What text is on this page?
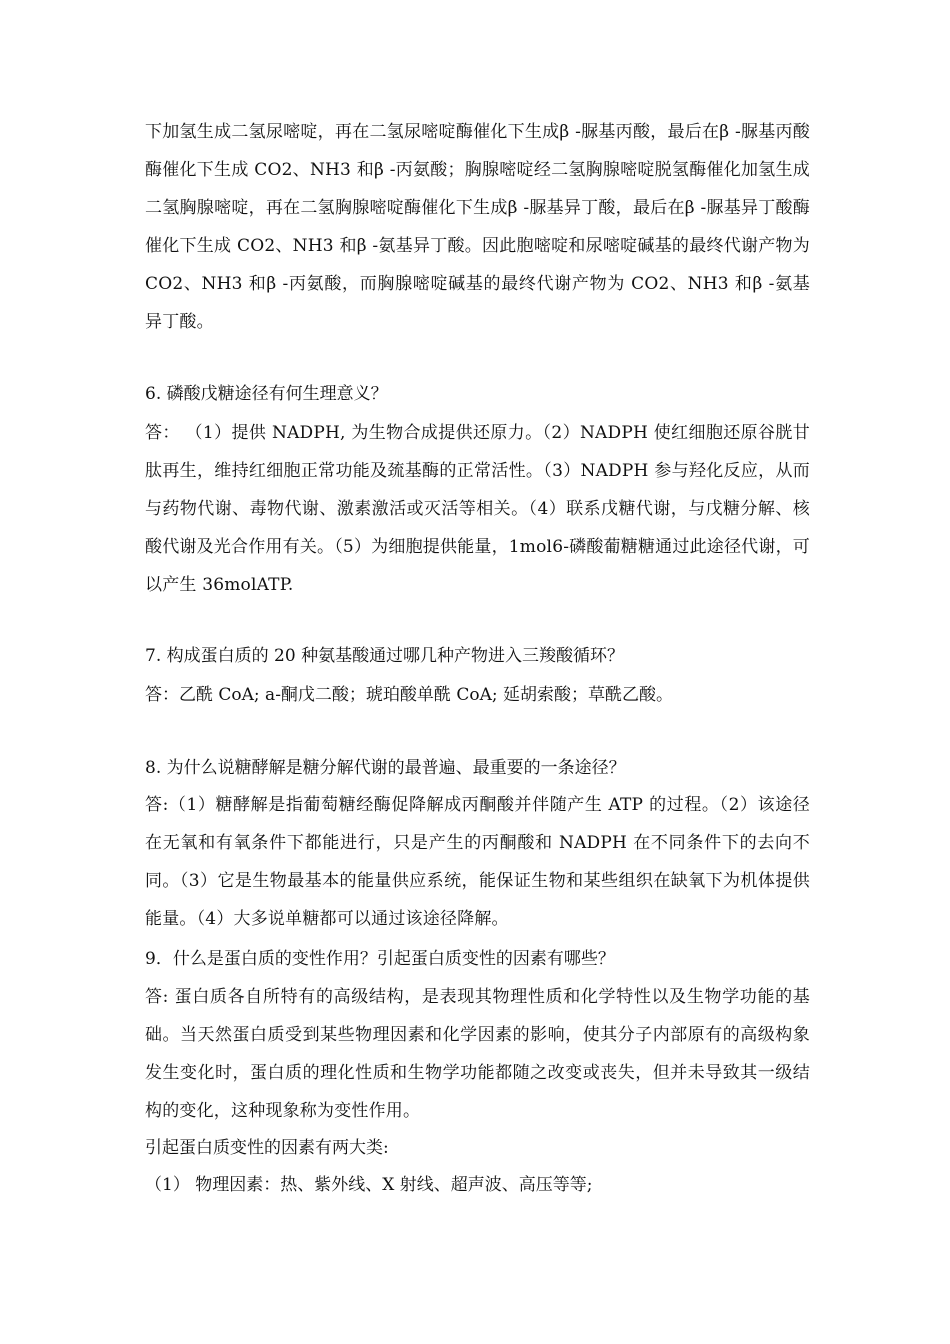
下加氢生成二氢尿嘧啶，再在二氢尿嘧啶酶催化下生成β -脲基丙酸，最后在β -脲基丙酸酶催化下生成 CO2、NH3 和β -丙氨酸；胸腺嘧啶经二氢胸腺嘧啶脱氢酶催化加氢生成二氢胸腺嘧啶，再在二氢胸腺嘧啶酶催化下生成β -脲基异丁酸，最后在β -脲基异丁酸酶催化下生成 CO2、NH3 和β -氨基异丁酸。因此胞嘧啶和尿嘧啶碱基的最终代谢产物为 CO2、NH3 和β -丙氨酸，而胸腺嘧啶碱基的最终代谢产物为 CO2、NH3 和β -氨基异丁酸。

6. 磷酸戊糖途径有何生理意义？

答： （1）提供 NADPH, 为生物合成提供还原力。（2）NADPH 使红细胞还原谷胱甘肽再生，维持红细胞正常功能及巯基酶的正常活性。（3）NADPH 参与羟化反应，从而与药物代谢、毒物代谢、激素激活或灭活等相关。（4）联系戊糖代谢，与戊糖分解、核酸代谢及光合作用有关。（5）为细胞提供能量，1mol6-磷酸葡糖糖通过此途径代谢，可以产生 36molATP.

7. 构成蛋白质的 20 种氨基酸通过哪几种产物进入三羧酸循环？
答：乙酰 CoA; a-酮戊二酸；琥珀酸单酰 CoA; 延胡索酸；草酰乙酸。
8. 为什么说糖酵解是糖分解代谢的最普遍、最重要的一条途径？

答:（1）糖酵解是指葡萄糖经酶促降解成丙酮酸并伴随产生 ATP 的过程。（2）该途径在无氧和有氧条件下都能进行，只是产生的丙酮酸和 NADPH 在不同条件下的去向不同。（3）它是生物最基本的能量供应系统，能保证生物和某些组织在缺氧下为机体提供能量。（4）大多说单糖都可以通过该途径降解。

9．什么是蛋白质的变性作用？引起蛋白质变性的因素有哪些？

答: 蛋白质各自所特有的高级结构，是表现其物理性质和化学特性以及生物学功能的基础。当天然蛋白质受到某些物理因素和化学因素的影响，使其分子内部原有的高级构象发生变化时，蛋白质的理化性质和生物学功能都随之改变或丧失，但并未导致其一级结构的变化，这种现象称为变性作用。

引起蛋白质变性的因素有两大类:
（1） 物理因素：热、紫外线、X 射线、超声波、高压等等;
